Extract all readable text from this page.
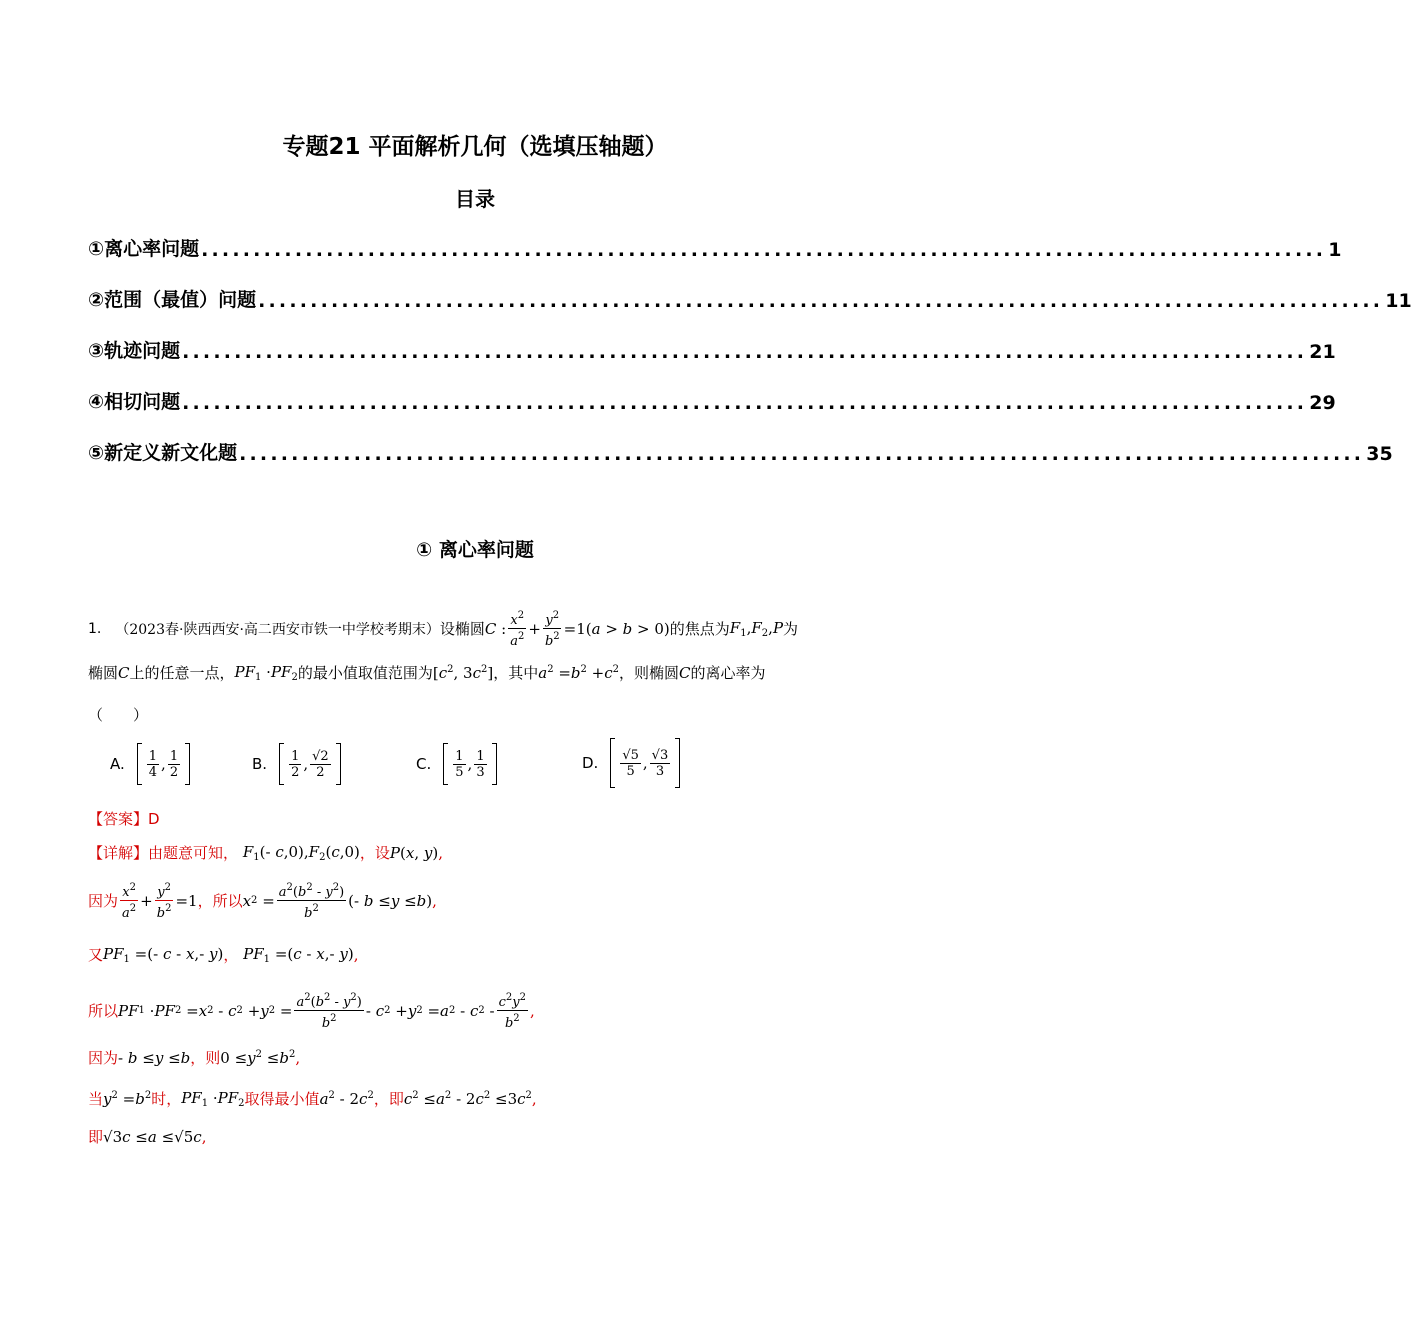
专题21 平面解析几何（选填压轴题）
目录
①离心率问题 ............................................................................................................ 1
②范围（最值）问题 ............................................................................................................ 11
③轨迹问题 ............................................................................................................ 21
④相切问题 ............................................................................................................ 29
⑤新定义新文化题 ............................................................................................................ 35
① 离心率问题
1. （2023春·陕西西安·高二西安市铁一中学校考期末） 设椭圆 C : $\frac{x^2}{a^2} + \frac{y^2}{b^2} =1$( a > b > 0) 的焦点为 $F_1,F_2,P$ 为
椭圆 C 上的任意一点， $PF_1 \cdot PF_2$ 的最小值取值范围为 [$c^2$, $3c^2$] ，其中 $a^2 =b^2 +c^2$ ，则椭圆 C 的离心率为
（　　）
A. $\frac{1}{4}$ , $\frac{1}{2}$	B. $\frac{1}{2}$ , $\frac{√2}{2}$	C. $\frac{1}{5}$ , $\frac{1}{3}$	D. $\frac{√5}{5}$ , $\frac{√3}{3}$
【答案】D
【详解】 由题意可知， $F_1(-$ $c,0),F_2(c,0)$ ，设 P(x, y) ,
因为 $\frac{x^2}{a^2} + \frac{y^2}{b^2} =1$ ，所以 x $2 = \frac{a^2(b^2 - y^2)}{b^2}$ (- b ≤ y ≤ b ) ,
又 $PF_1$ =(- c - x,- y) ， $PF_1 =(c - x,-$ y) ,
所以 PF 1 · PF 2 = x 2 - c 2 + y $2 = \frac{a^2(b^2 - y^2)}{b^2} - c$ 2 + y 2 = a 2 - c $2 - \frac{c^2y^2}{b^2}$ ,
因为 - b ≤y ≤b ，则 $0 \le y^2 \le b^2$ ,
当 $y^2 =b^2$ 时， $PF_1 \cdot PF_2$ 取得最小值 $a^2 - 2c^2$ ，即 $c^2 \le a^2 - 2c^2 \le 3c^2$ ,
即 √3c ≤a ≤√5c ,
